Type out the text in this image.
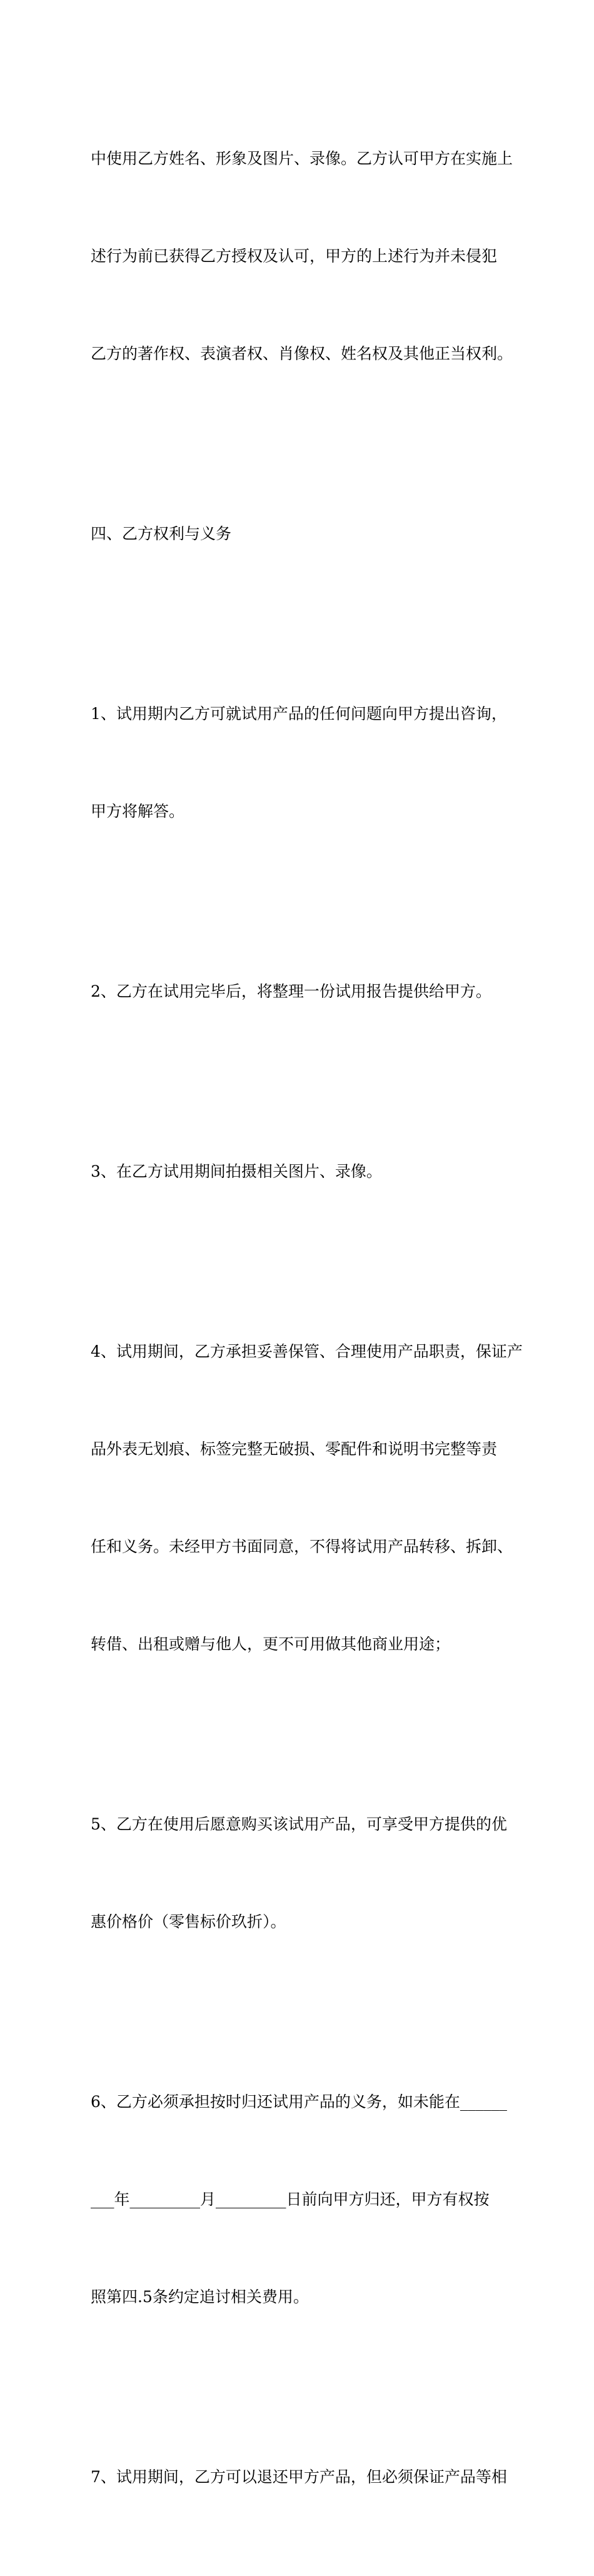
中使用乙方姓名、形象及图片、录像。乙方认可甲方在实施上

述行为前已获得乙方授权及认可，甲方的上述行为并未侵犯

乙方的著作权、表演者权、肖像权、姓名权及其他正当权利。

四、乙方权利与义务

1、试用期内乙方可就试用产品的任何问题向甲方提出咨询，

甲方将解答。

2、乙方在试用完毕后，将整理一份试用报告提供给甲方。

3、在乙方试用期间拍摄相关图片、录像。

4、试用期间，乙方承担妥善保管、合理使用产品职责，保证产

品外表无划痕、标签完整无破损、零配件和说明书完整等责

任和义务。未经甲方书面同意，不得将试用产品转移、拆卸、

转借、出租或赠与他人，更不可用做其他商业用途；

5、乙方在使用后愿意购买该试用产品，可享受甲方提供的优

惠价格价（零售标价玖折）。

6、乙方必须承担按时归还试用产品的义务，如未能在______

___年_________月_________日前向甲方归还，甲方有权按

照第四.5条约定追讨相关费用。

7、试用期间，乙方可以退还甲方产品，但必须保证产品等相
